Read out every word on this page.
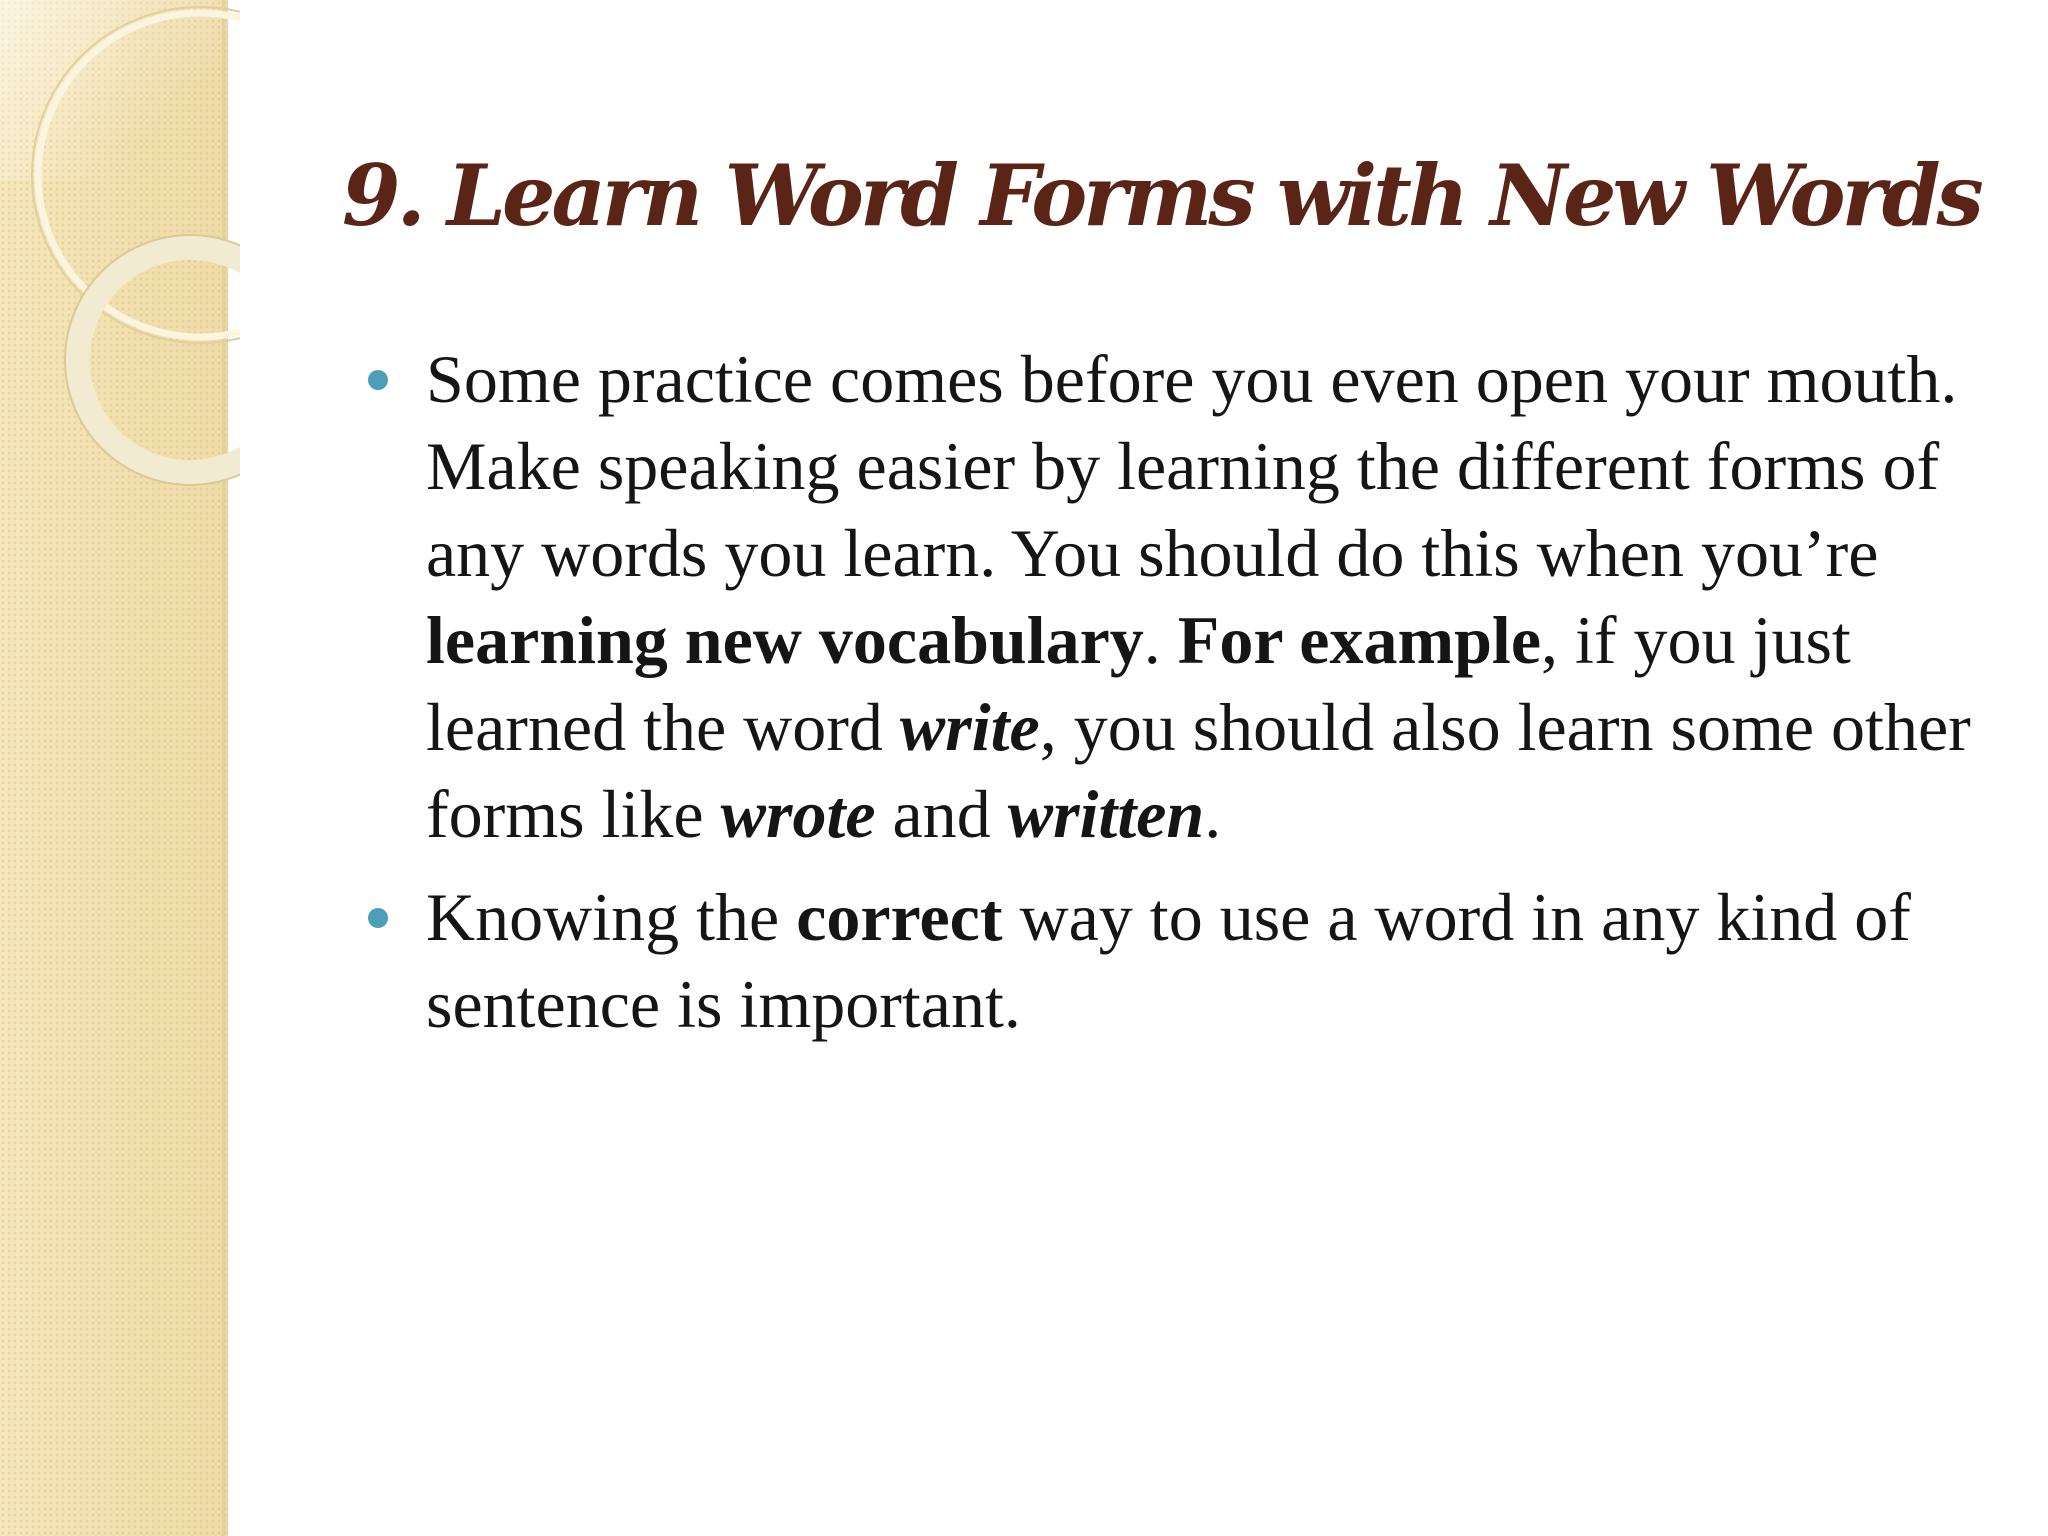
9. Learn Word Forms with New Words
Some practice comes before you even open your mouth. Make speaking easier by learning the different forms of any words you learn. You should do this when you’re learning new vocabulary. For example, if you just learned the word write, you should also learn some other forms like wrote and written.
Knowing the correct way to use a word in any kind of sentence is important.
